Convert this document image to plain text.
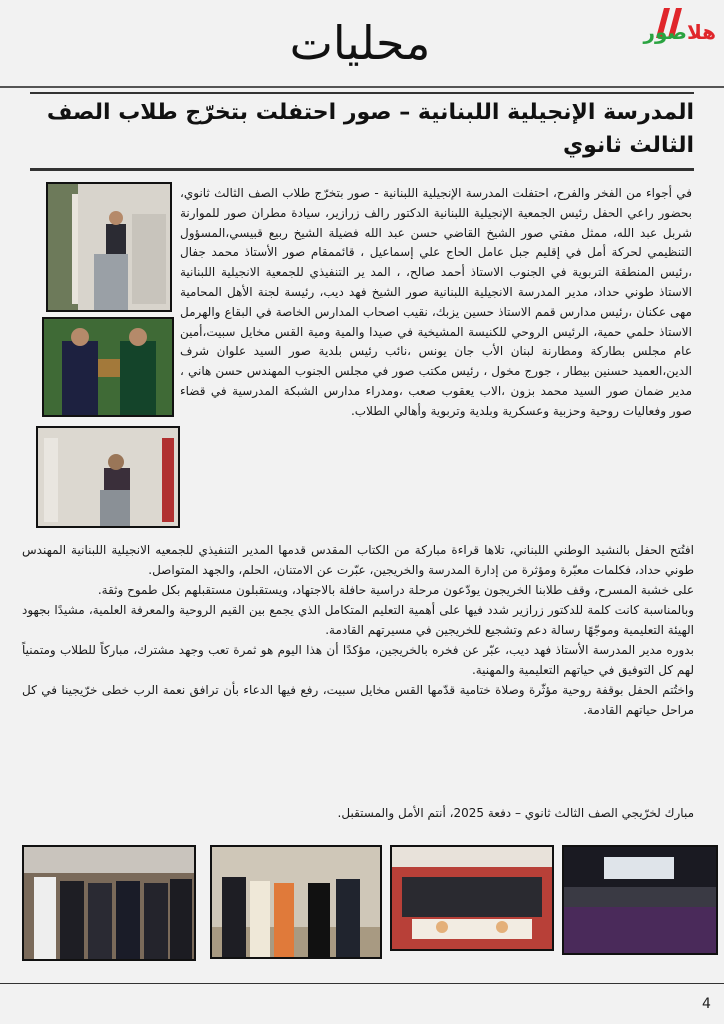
محليات	هلاصور
المدرسة الإنجيلية اللبنانية – صور احتفلت بتخرّج طلاب الصف الثالث ثانوي
في أجواء من الفخر والفرح، احتفلت المدرسة الإنجيلية اللبنانية - صور بتخرّج طلاب الصف الثالث ثانوي، بحضور راعي الحفل رئيس الجمعية الإنجيلية اللبنانية الدكتور رالف زرازير، سيادة مطران صور للموارنة شربل عبد الله، ممثل مفتي صور الشيخ القاضي حسن عبد الله فضيلة الشيخ ربيع قبيسي،المسؤول التنظيمي لحركة أمل في إقليم جبل عامل الحاج علي إسماعيل ، قائممقام صور الأستاذ محمد جفال ،رئيس المنطقة التربوية في الجنوب الاستاذ أحمد صالح، ، المد ير التنفيذي للجمعية الانجيلية اللبنانية الاستاذ طوني حداد، مدير المدرسة الانجيلية اللبنانية صور الشيخ فهد ديب، رئيسة لجنة الأهل المحامية مهى عكنان ،رئيس مدارس قمم الاستاذ حسين يزبك، نقيب اصحاب المدارس الخاصة في البقاع والهرمل الاستاذ حلمي حمية، الرئيس الروحي للكنيسة المشيخية في صيدا والمية ومية القس مخايل سبيت،أمين عام مجلس بطاركة ومطارنة لبنان الأب جان يونس ،نائب رئيس بلدية صور السيد علوان شرف الدين،العميد حسنين بيطار ، جورج مخول ، رئيس مكتب صور في مجلس الجنوب المهندس حسن هاني ، مدير ضمان صور السيد محمد بزون ،الاب يعقوب صعب ،ومدراء مدارس الشبكة المدرسية في قضاء صور وفعاليات روحية وحزبية وعسكرية وبلدية وتربوية وأهالي الطلاب.

افتُتح الحفل بالنشيد الوطني اللبناني، تلاها قراءة مباركة من الكتاب المقدس قدمها المدير التنفيذي للجمعيه الانجيلية اللبنانية المهندس طوني حداد، فكلمات معبّرة ومؤثرة من إدارة المدرسة والخريجين، عبّرت عن الامتنان، الحلم، والجهد المتواصل.

على خشبة المسرح، وقف طلابنا الخريجون يودّعون مرحلة دراسية حافلة بالاجتهاد، ويستقبلون مستقبلهم بكل طموح وثقة.

وبالمناسبة كانت كلمة للدكتور زرازير شدد فيها على أهمية التعليم المتكامل الذي يجمع بين القيم الروحية والمعرفة العلمية، مشيدًا بجهود الهيئة التعليمية وموجّهًا رسالة دعم وتشجيع للخريجين في مسيرتهم القادمة.

بدوره مدير المدرسة الأستاذ فهد ديب، عبّر عن فخره بالخريجين، مؤكدًا أن هذا اليوم هو ثمرة تعب وجهد مشترك، مباركاً للطلاب ومتمنياً لهم كل التوفيق في حياتهم التعليمية والمهنية.

واختُتم الحفل بوقفة روحية مؤثّرة وصلاة ختامية قدّمها القس مخايل سبيت، رفع فيها الدعاء بأن ترافق نعمة الرب خطى خرّيجينا في كل مراحل حياتهم القادمة.

مبارك لخرّيجي الصف الثالث ثانوي – دفعة 2025، أنتم الأمل والمستقبل.
4
